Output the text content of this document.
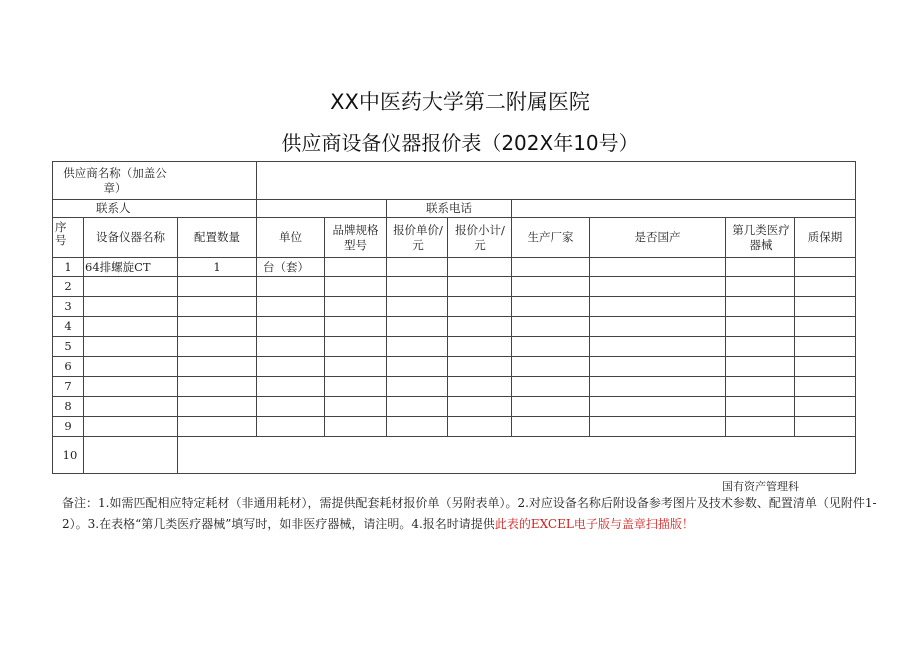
XX中医药大学第二附属医院
供应商设备仪器报价表（202X年10号）
供应商名称（加盖公章）										

联系人					联系电话					

序号	设备仪器名称	配置数量	单位	品牌规格型号	报价单价/元	报价小计/元	生产厂家	是否国产	第几类医疗器械	质保期
1	64排螺旋CT	1	台（套）							
2										
3										
4										
5										
6										
7										
8										
9										
10										
国有资产管理科
备注：1.如需匹配相应特定耗材（非通用耗材），需提供配套耗材报价单（另附表单）。2.对应设备名称后附设备参考图片及技术参数、配置清单（见附件1-2）。3.在表格“第几类医疗器械”填写时，如非医疗器械，请注明。4.报名时请提供此表的EXCEL电子版与盖章扫描版！
